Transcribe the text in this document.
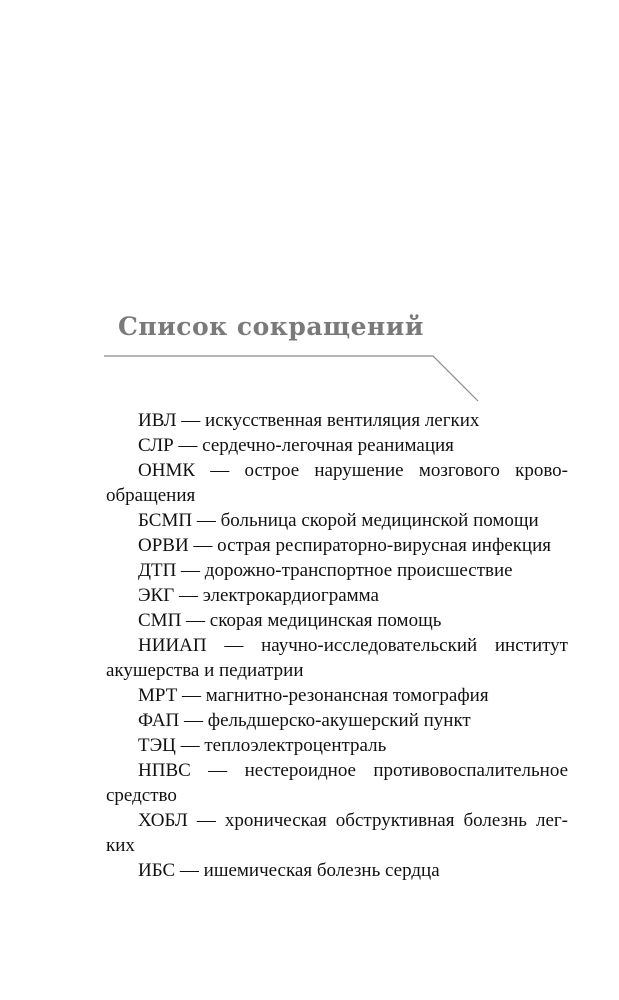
Список сокращений

ИВЛ — искусственная вентиляция легких

СЛР — сердечно-легочная реанимация

ОНМК — острое нарушение мозгового крово-обращения

БСМП — больница скорой медицинской помощи

ОРВИ — острая респираторно-вирусная инфекция

ДТП — дорожно-транспортное происшествие

ЭКГ — электрокардиограмма

СМП — скорая медицинская помощь

НИИАП — научно-исследовательский институт акушерства и педиатрии

МРТ — магнитно-резонансная томография

ФАП — фельдшерско-акушерский пункт

ТЭЦ — теплоэлектроцентраль

НПВС — нестероидное противовоспалительное средство

ХОБЛ — хроническая обструктивная болезнь лег-ких

ИБС — ишемическая болезнь сердца
